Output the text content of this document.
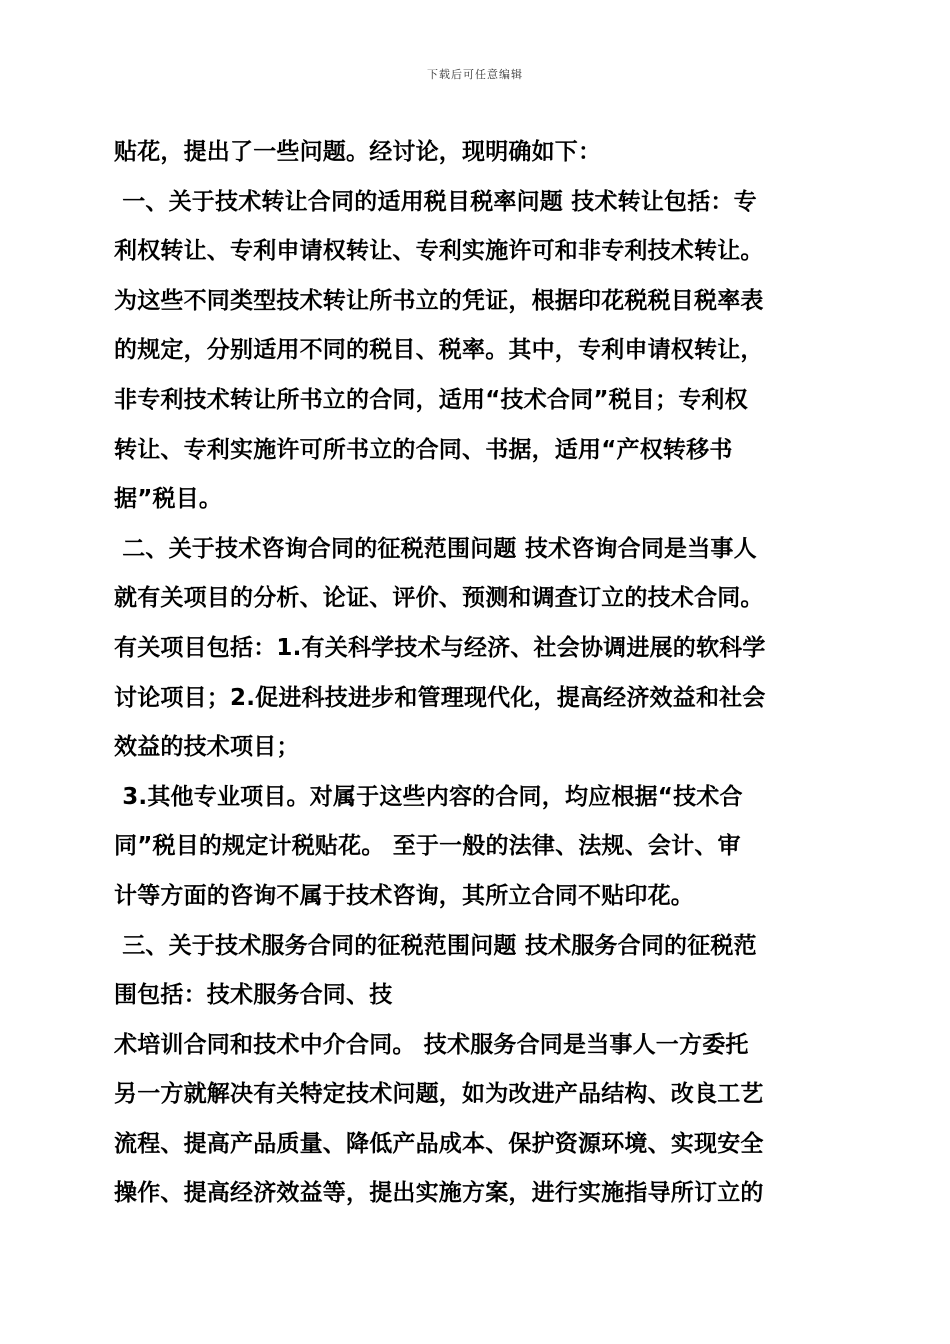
下载后可任意编辑
贴花，提出了一些问题。经讨论，现明确如下：
一、关于技术转让合同的适用税目税率问题 技术转让包括：专
利权转让、专利申请权转让、专利实施许可和非专利技术转让。
为这些不同类型技术转让所书立的凭证，根据印花税税目税率表
的规定，分别适用不同的税目、税率。其中，专利申请权转让，
非专利技术转让所书立的合同，适用“技术合同”税目；专利权
转让、专利实施许可所书立的合同、书据，适用“产权转移书
据”税目。
二、关于技术咨询合同的征税范围问题 技术咨询合同是当事人
就有关项目的分析、论证、评价、预测和调查订立的技术合同。
有关项目包括：1.有关科学技术与经济、社会协调进展的软科学
讨论项目；2.促进科技进步和管理现代化，提高经济效益和社会
效益的技术项目；
3.其他专业项目。对属于这些内容的合同，均应根据“技术合
同”税目的规定计税贴花。 至于一般的法律、法规、会计、审
计等方面的咨询不属于技术咨询，其所立合同不贴印花。
三、关于技术服务合同的征税范围问题 技术服务合同的征税范
围包括：技术服务合同、技
术培训合同和技术中介合同。 技术服务合同是当事人一方委托
另一方就解决有关特定技术问题，如为改进产品结构、改良工艺
流程、提高产品质量、降低产品成本、保护资源环境、实现安全
操作、提高经济效益等，提出实施方案，进行实施指导所订立的
